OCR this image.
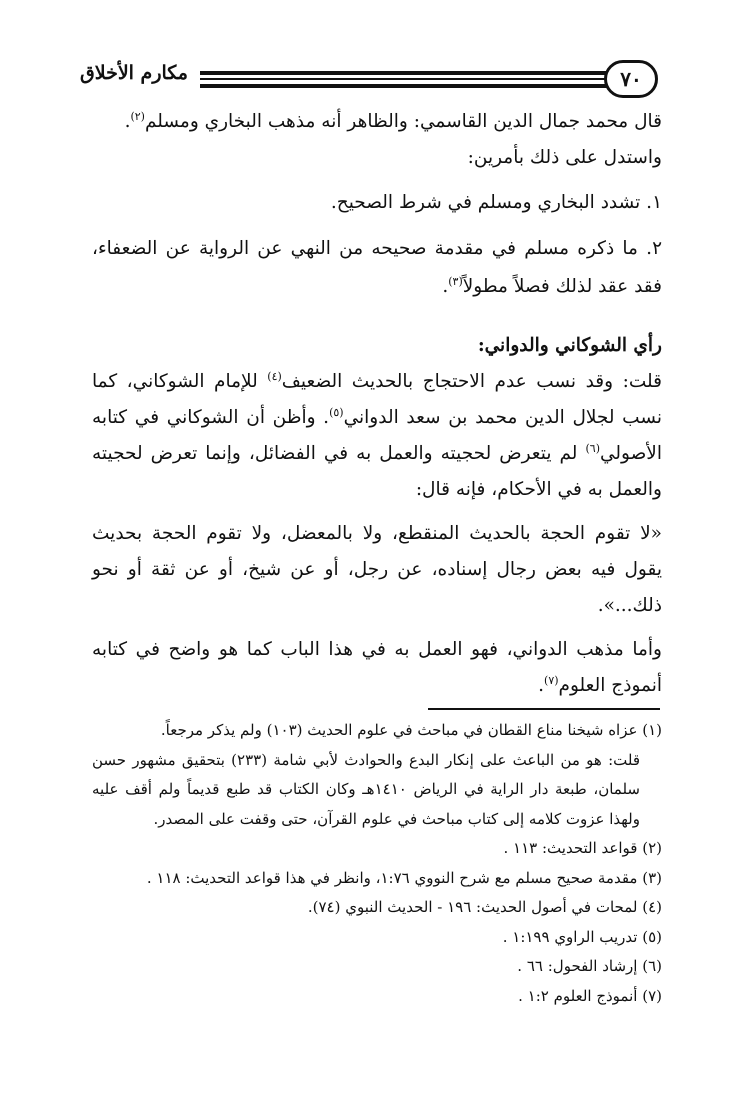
مكارم الأخلاق	٧٠

قال محمد جمال الدين القاسمي: والظاهر أنه مذهب البخاري ومسلم$^{(٢)}$.

واستدل على ذلك بأمرين:

١. تشدد البخاري ومسلم في شرط الصحيح.

٢. ما ذكره مسلم في مقدمة صحيحه من النهي عن الرواية عن الضعفاء، فقد عقد لذلك فصلاً مطولاً$^{(٣)}$.

رأي الشوكاني والدواني:

قلت: وقد نسب عدم الاحتجاج بالحديث الضعيف$^{(٤)}$ للإمام الشوكاني، كما نسب لجلال الدين محمد بن سعد الدواني$^{(٥)}$. وأظن أن الشوكاني في كتابه الأصولي$^{(٦)}$ لم يتعرض لحجيته والعمل به في الفضائل، وإنما تعرض لحجيته والعمل به في الأحكام، فإنه قال:

«لا تقوم الحجة بالحديث المنقطع، ولا بالمعضل، ولا تقوم الحجة بحديث يقول فيه بعض رجال إسناده، عن رجل، أو عن شيخ، أو عن ثقة أو نحو ذلك...».

وأما مذهب الدواني، فهو العمل به في هذا الباب كما هو واضح في كتابه أنموذج العلوم$^{(٧)}$.

(١) عزاه شيخنا مناع القطان في مباحث في علوم الحديث (١٠٣) ولم يذكر مرجعاً.

قلت: هو من الباعث على إنكار البدع والحوادث لأبي شامة (٢٣٣) بتحقيق مشهور حسن سلمان، طبعة دار الراية في الرياض ١٤١٠هـ وكان الكتاب قد طبع قديماً ولم أقف عليه ولهذا عزوت كلامه إلى كتاب مباحث في علوم القرآن، حتى وقفت على المصدر.

(٢) قواعد التحديث: ١١٣ .

(٣) مقدمة صحيح مسلم مع شرح النووي ١:٧٦، وانظر في هذا قواعد التحديث: ١١٨ .

(٤) لمحات في أصول الحديث: ١٩٦ - الحديث النبوي (٧٤).

(٥) تدريب الراوي ١:١٩٩ .

(٦) إرشاد الفحول: ٦٦ .

(٧) أنموذج العلوم ١:٢ .
